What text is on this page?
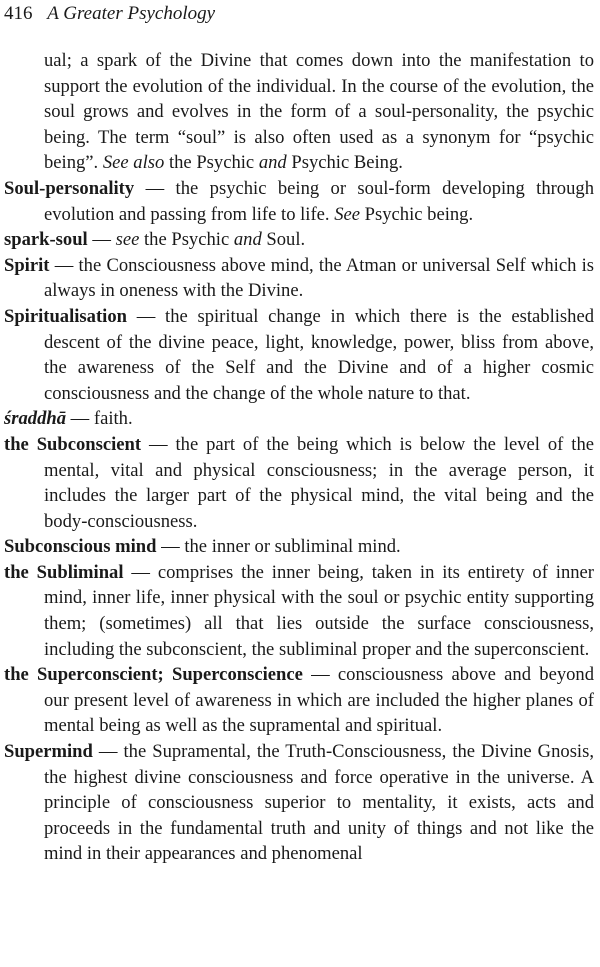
416 A Greater Psychology

ual; a spark of the Divine that comes down into the manifestation to support the evolution of the individual. In the course of the evolution, the soul grows and evolves in the form of a soul-personality, the psychic being. The term “soul” is also often used as a synonym for “psychic being”. See also the Psychic and Psychic Being.

Soul-personality — the psychic being or soul-form developing through evolution and passing from life to life. See Psychic being.

spark-soul — see the Psychic and Soul.

Spirit — the Consciousness above mind, the Atman or universal Self which is always in oneness with the Divine.

Spiritualisation — the spiritual change in which there is the established descent of the divine peace, light, knowledge, power, bliss from above, the awareness of the Self and the Divine and of a higher cosmic consciousness and the change of the whole nature to that.

śraddhā — faith.

the Subconscient — the part of the being which is below the level of the mental, vital and physical consciousness; in the average person, it includes the larger part of the physical mind, the vital being and the body-consciousness.

Subconscious mind — the inner or subliminal mind.

the Subliminal — comprises the inner being, taken in its entirety of inner mind, inner life, inner physical with the soul or psychic entity supporting them; (sometimes) all that lies outside the surface consciousness, including the subconscient, the subliminal proper and the superconscient.

the Superconscient; Superconscience — consciousness above and beyond our present level of awareness in which are included the higher planes of mental being as well as the supramental and spiritual.

Supermind — the Supramental, the Truth-Consciousness, the Divine Gnosis, the highest divine consciousness and force operative in the universe. A principle of consciousness superior to mentality, it exists, acts and proceeds in the fundamental truth and unity of things and not like the mind in their appearances and phenomenal
